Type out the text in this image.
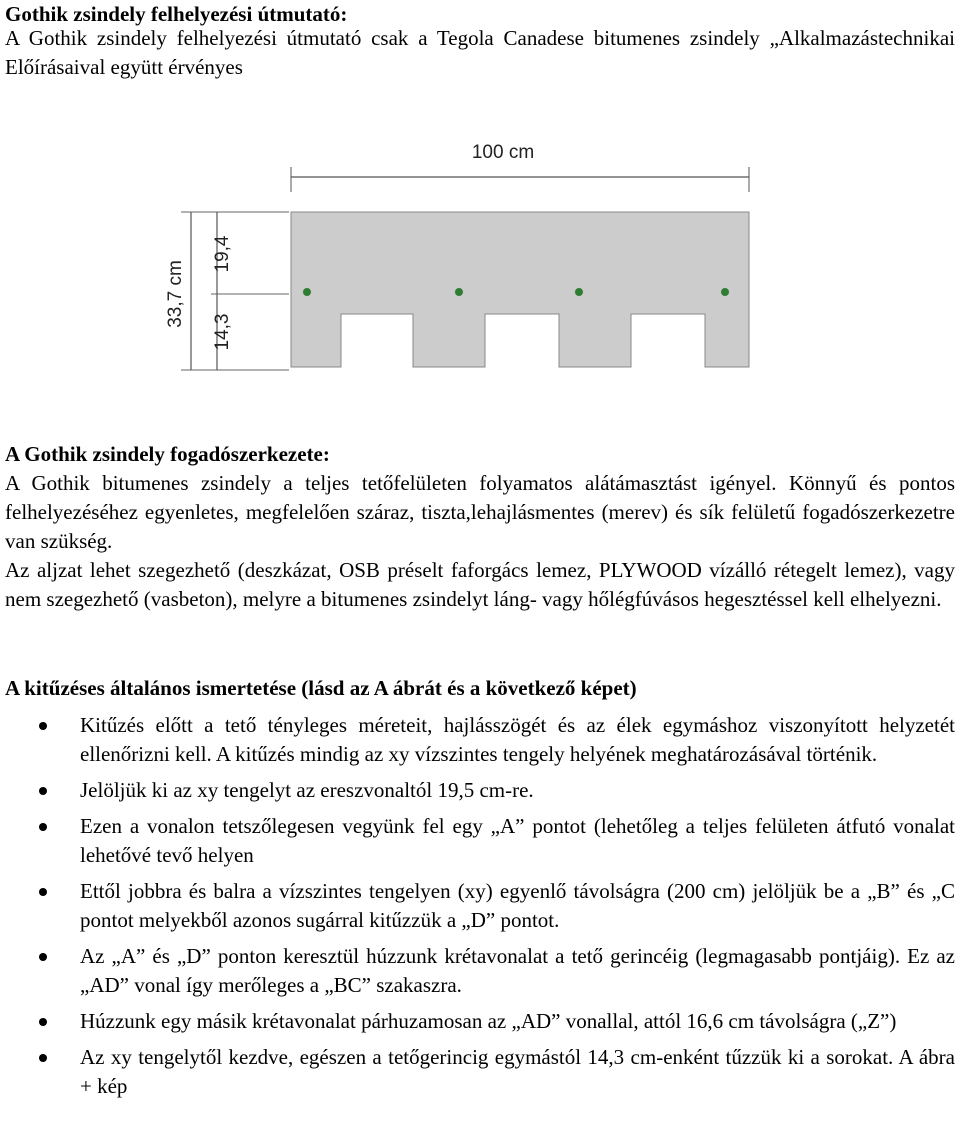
Gothik zsindely felhelyezési útmutató:

A Gothik zsindely felhelyezési útmutató csak a Tegola Canadese bitumenes zsindely „Alkalmazástechnikai Előírásaival együtt érvényes

100 cm
33,7 cm
19,4
14,3

A Gothik zsindely fogadószerkezete:

A Gothik bitumenes zsindely a teljes tetőfelületen folyamatos alátámasztást igényel. Könnyű és pontos felhelyezéséhez egyenletes, megfelelően száraz, tiszta,lehajlásmentes (merev) és sík felületű fogadószerkezetre van szükség.

Az aljzat lehet szegezhető (deszkázat, OSB préselt faforgács lemez, PLYWOOD vízálló rétegelt lemez), vagy nem szegezhető (vasbeton), melyre a bitumenes zsindelyt láng- vagy hőlégfúvásos hegesztéssel kell elhelyezni.

A kitűzéses általános ismertetése (lásd az A ábrát és a következő képet)

Kitűzés előtt a tető tényleges méreteit, hajlásszögét és az élek egymáshoz viszonyított helyzetét ellenőrizni kell. A kitűzés mindig az xy vízszintes tengely helyének meghatározásával történik.
Jelöljük ki az xy tengelyt az ereszvonaltól 19,5 cm-re.
Ezen a vonalon tetszőlegesen vegyünk fel egy „A” pontot (lehetőleg a teljes felületen átfutó vonalat lehetővé tevő helyen
Ettől jobbra és balra a vízszintes tengelyen (xy) egyenlő távolságra (200 cm) jelöljük be a „B” és „C pontot melyekből azonos sugárral kitűzzük a „D” pontot.
Az „A” és „D” ponton keresztül húzzunk krétavonalat a tető gerincéig (legmagasabb pontjáig). Ez az „AD” vonal így merőleges a „BC” szakaszra.
Húzzunk egy másik krétavonalat párhuzamosan az „AD” vonallal, attól 16,6 cm távolságra („Z”)
Az xy tengelytől kezdve, egészen a tetőgerincig egymástól 14,3 cm-enként tűzzük ki a sorokat. A ábra + kép
